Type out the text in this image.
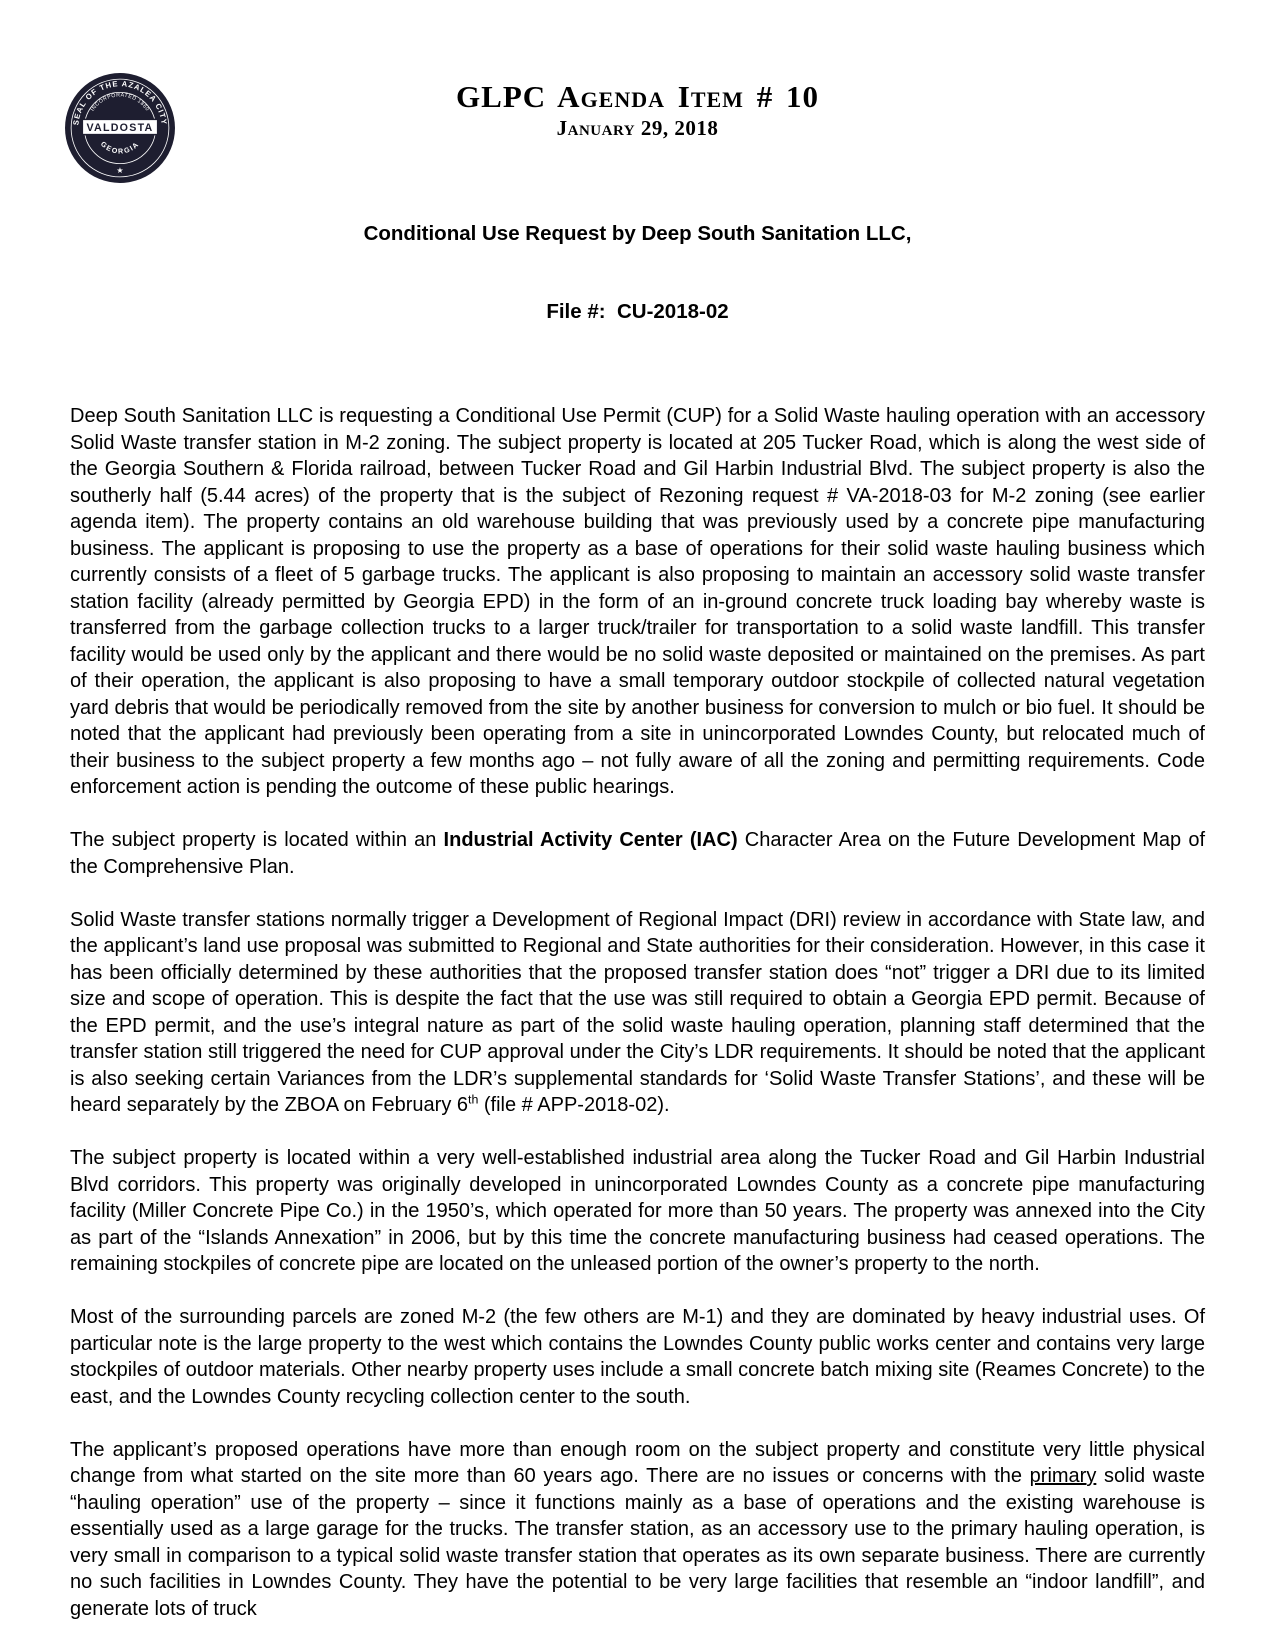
SEAL OF THE AZALEA CITY
INCORPORATED 1860
VALDOSTA
GEORGIA
★
GLPC Agenda Item # 10
January 29, 2018

Conditional Use Request by Deep South Sanitation LLC,

File #:  CU-2018-02

Deep South Sanitation LLC is requesting a Conditional Use Permit (CUP) for a Solid Waste hauling operation with an accessory Solid Waste transfer station in M-2 zoning. The subject property is located at 205 Tucker Road, which is along the west side of the Georgia Southern & Florida railroad, between Tucker Road and Gil Harbin Industrial Blvd. The subject property is also the southerly half (5.44 acres) of the property that is the subject of Rezoning request # VA-2018-03 for M-2 zoning (see earlier agenda item). The property contains an old warehouse building that was previously used by a concrete pipe manufacturing business. The applicant is proposing to use the property as a base of operations for their solid waste hauling business which currently consists of a fleet of 5 garbage trucks. The applicant is also proposing to maintain an accessory solid waste transfer station facility (already permitted by Georgia EPD) in the form of an in-ground concrete truck loading bay whereby waste is transferred from the garbage collection trucks to a larger truck/trailer for transportation to a solid waste landfill. This transfer facility would be used only by the applicant and there would be no solid waste deposited or maintained on the premises. As part of their operation, the applicant is also proposing to have a small temporary outdoor stockpile of collected natural vegetation yard debris that would be periodically removed from the site by another business for conversion to mulch or bio fuel. It should be noted that the applicant had previously been operating from a site in unincorporated Lowndes County, but relocated much of their business to the subject property a few months ago – not fully aware of all the zoning and permitting requirements. Code enforcement action is pending the outcome of these public hearings.

The subject property is located within an Industrial Activity Center (IAC) Character Area on the Future Development Map of the Comprehensive Plan.

Solid Waste transfer stations normally trigger a Development of Regional Impact (DRI) review in accordance with State law, and the applicant’s land use proposal was submitted to Regional and State authorities for their consideration. However, in this case it has been officially determined by these authorities that the proposed transfer station does “not” trigger a DRI due to its limited size and scope of operation. This is despite the fact that the use was still required to obtain a Georgia EPD permit. Because of the EPD permit, and the use’s integral nature as part of the solid waste hauling operation, planning staff determined that the transfer station still triggered the need for CUP approval under the City’s LDR requirements. It should be noted that the applicant is also seeking certain Variances from the LDR’s supplemental standards for ‘Solid Waste Transfer Stations’, and these will be heard separately by the ZBOA on February 6th (file # APP-2018-02).

The subject property is located within a very well-established industrial area along the Tucker Road and Gil Harbin Industrial Blvd corridors. This property was originally developed in unincorporated Lowndes County as a concrete pipe manufacturing facility (Miller Concrete Pipe Co.) in the 1950’s, which operated for more than 50 years. The property was annexed into the City as part of the “Islands Annexation” in 2006, but by this time the concrete manufacturing business had ceased operations. The remaining stockpiles of concrete pipe are located on the unleased portion of the owner’s property to the north.

Most of the surrounding parcels are zoned M-2 (the few others are M-1) and they are dominated by heavy industrial uses. Of particular note is the large property to the west which contains the Lowndes County public works center and contains very large stockpiles of outdoor materials. Other nearby property uses include a small concrete batch mixing site (Reames Concrete) to the east, and the Lowndes County recycling collection center to the south.

The applicant’s proposed operations have more than enough room on the subject property and constitute very little physical change from what started on the site more than 60 years ago. There are no issues or concerns with the primary solid waste “hauling operation” use of the property – since it functions mainly as a base of operations and the existing warehouse is essentially used as a large garage for the trucks. The transfer station, as an accessory use to the primary hauling operation, is very small in comparison to a typical solid waste transfer station that operates as its own separate business. There are currently no such facilities in Lowndes County. They have the potential to be very large facilities that resemble an “indoor landfill”, and generate lots of truck
